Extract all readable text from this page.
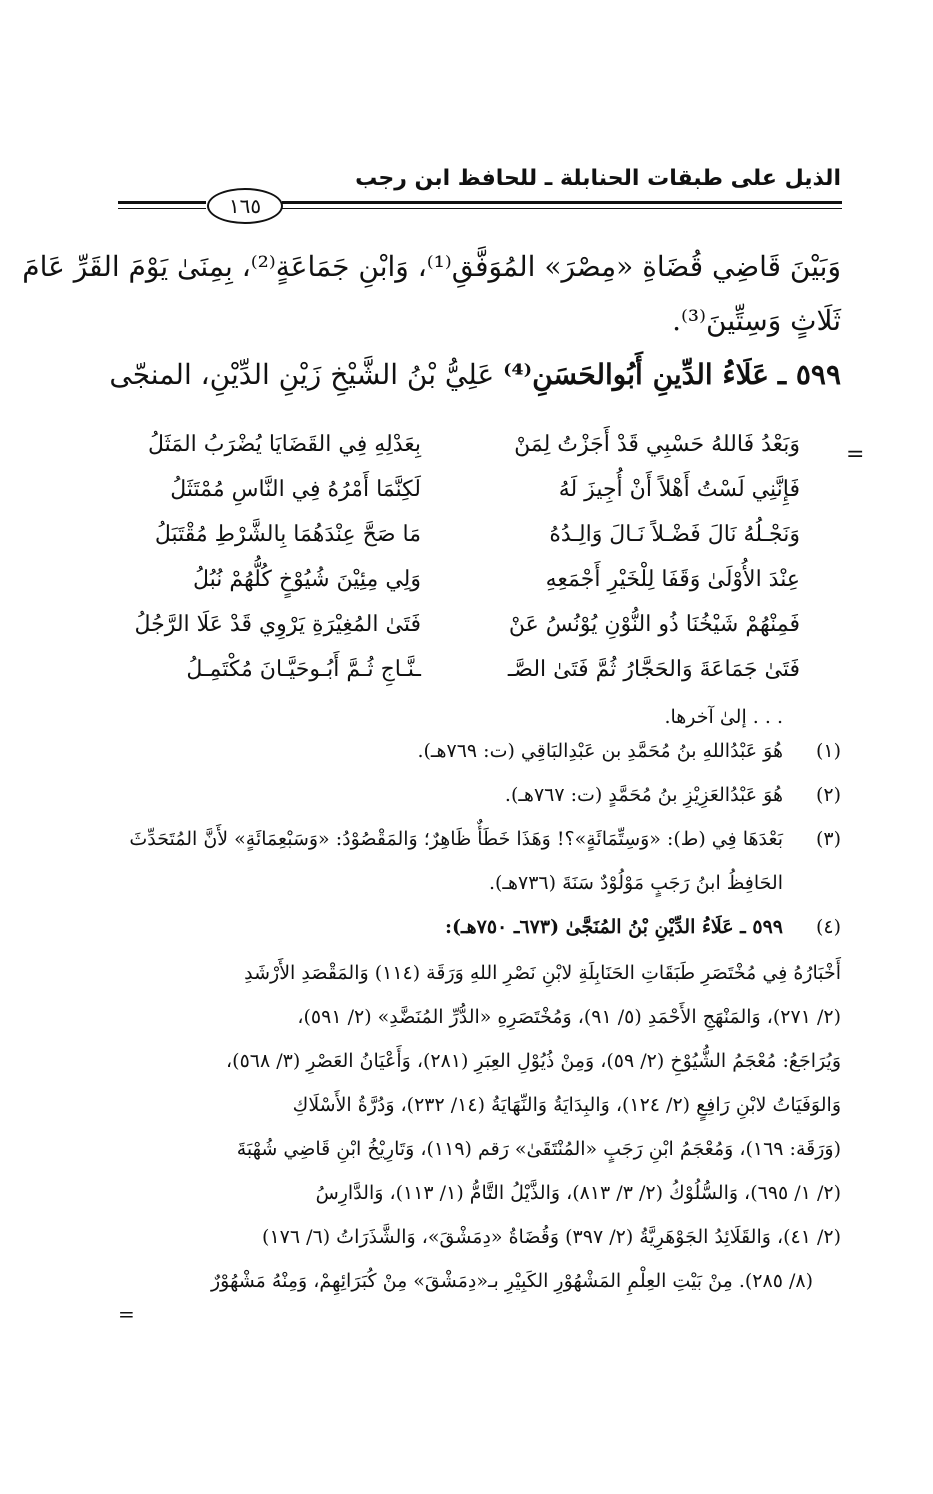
الذيل على طبقات الحنابلة ـ للحافظ ابن رجب
١٦٥
وَبَيْنَ قَاضِي قُضَاةِ «مِصْرَ» المُوَفَّقِ⁽¹⁾، وَابْنِ جَمَاعَةٍ⁽²⁾، بِمِنَىٰ يَوْمَ القَرِّ عَامَ
ثَلَاثٍ وَسِتِّينَ⁽³⁾.
٥٩٩ ـ عَلَاءُ الدِّينِ أَبُوالحَسَنِ⁽⁴⁾ عَلِيُّ بْنُ الشَّيْخِ زَيْنِ الدِّيْنِ، المنجّى
=
وَبَعْدُ فَاللهُ حَسْبِي قَدْ أَجَزْتُ لِمَنْ
بِعَدْلِهِ فِي القَضَايَا يُضْرَبُ المَثَلُ
فَإِنَّنِي لَسْتُ أَهْلاً أَنْ أُجِيزَ لَهُ
لَكِنَّمَا أَمْرُهُ فِي النَّاسِ مُمْتَثَلُ
وَنَجْـلُهُ نَالَ فَضْـلاً نَـالَ وَالِـدُهُ
مَا صَحَّ عِنْدَهُمَا بِالشَّرْطِ مُقْتَبَلُ
عِنْدَ الأُوْلَىٰ وَقَفَا لِلْخَيْرِ أَجْمَعِهِ
وَلِي مِئِيْنَ شُيُوْخٍ كُلُّهُمْ نُبُلُ
فَمِنْهُمْ شَيْخُنَا ذُو النُّوْنِ يُوْنُسُ عَنْ
فَتَىٰ المُغِيْرَةِ يَرْوِي قَدْ عَلَا الرَّجُلُ
فَتَىٰ جَمَاعَةَ وَالحَجَّارُ ثُمَّ فَتَىٰ الصَّـ
ـنَّـاجِ ثُـمَّ أَبُـوحَيَّـانَ مُكْتَمِـلُ
. . . إلىٰ آخرها.
(١)
هُوَ عَبْدُاللهِ بنُ مُحَمَّدِ بن عَبْدِالبَاقِي (ت: ٧٦٩هـ).
(٢)
هُوَ عَبْدُالعَزِيْزِ بنُ مُحَمَّدٍ (ت: ٧٦٧هـ).
(٣)
بَعْدَهَا فِي (ط): «وَسِتِّمَائَةٍ»؟! وَهَذَا خَطَأٌ ظَاهِرٌ؛ وَالمَقْصُوْدُ: «وَسَبْعِمَائَةٍ» لأَنَّ المُتَحَدِّثَ
الحَافِظُ ابنُ رَجَبٍ مَوْلُوْدٌ سَنَةَ (٧٣٦هـ).
(٤)
٥٩٩ ـ عَلَاءُ الدِّيْنِ بْنُ المُنَجَّىٰ (٦٧٣ـ ٧٥٠هـ):
أَخْبَارُهُ فِي مُخْتَصَرِ طَبَقَاتِ الحَنَابِلَةِ لابْنِ نَصْرِ اللهِ وَرَقَة (١١٤) وَالمَقْصَدِ الأَرْشَدِ
(٢/ ٢٧١)، وَالمَنْهَجِ الأَحْمَدِ (٥/ ٩١)، وَمُخْتَصَرِهِ «الدُّرِّ المُنَضَّدِ» (٢/ ٥٩١)،
وَيُرَاجَعُ: مُعْجَمُ الشُّيُوْخِ (٢/ ٥٩)، وَمِنْ ذُيُوْلِ العِبَرِ (٢٨١)، وَأَعْيَانُ العَصْرِ (٣/ ٥٦٨)،
وَالوَفَيَاتُ لابْنِ رَافِعٍ (٢/ ١٢٤)، وَالبِدَايَةُ وَالنِّهَايَةُ (١٤/ ٢٣٢)، وَدُرَّةُ الأَسْلَاكِ
(وَرَقَة: ١٦٩)، وَمُعْجَمُ ابْنِ رَجَبٍ «المُنْتَقَىٰ» رَقم (١١٩)، وَتَارِيْخُ ابْنِ قَاضِي شُهْبَةَ
(٢/ ١/ ٦٩٥)، وَالسُّلُوْكُ (٢/ ٣/ ٨١٣)، وَالذَّيْلُ التَّامُّ (١/ ١١٣)، وَالدَّارِسُ
(٢/ ٤١)، وَالقَلَائِدُ الجَوْهَرِيَّةُ (٢/ ٣٩٧) وَقُضَاةُ «دِمَشْقَ»، وَالشَّذَرَاتُ (٦/ ١٧٦)
(٨/ ٢٨٥). مِنْ بَيْتِ العِلْمِ المَشْهُوْرِ الكَبِيْرِ بـ«دِمَشْقَ» مِنْ كُبَرَائِهِمْ، وَمِنْهُ مَشْهُوْرٌ
=
